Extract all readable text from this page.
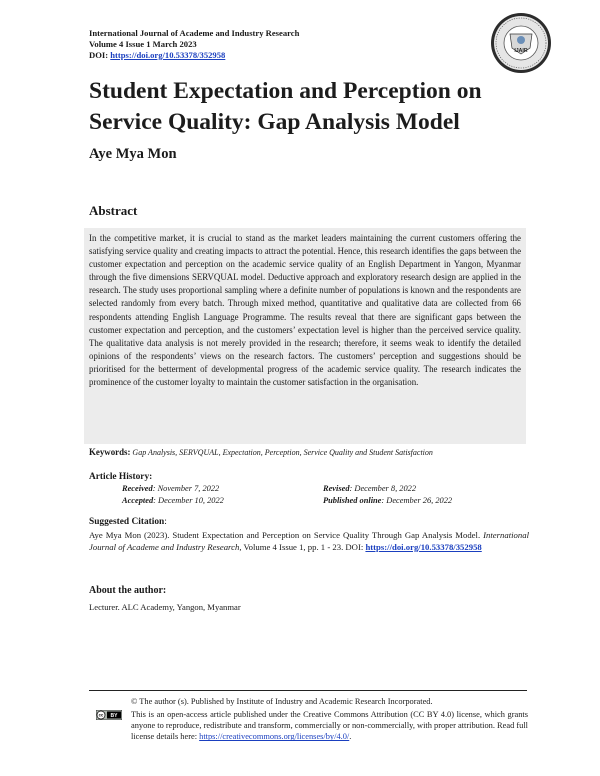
International Journal of Academe and Industry Research
Volume 4 Issue 1 March 2023
DOI: https://doi.org/10.53378/352958	IJAIR
Student Expectation and Perception on Service Quality: Gap Analysis Model
Aye Mya Mon
Abstract
In the competitive market, it is crucial to stand as the market leaders maintaining the current customers offering the satisfying service quality and creating impacts to attract the potential. Hence, this research identifies the gaps between the customer expectation and perception on the academic service quality of an English Department in Yangon, Myanmar through the five dimensions SERVQUAL model. Deductive approach and exploratory research design are applied in the research. The study uses proportional sampling where a definite number of populations is known and the respondents are selected randomly from every batch. Through mixed method, quantitative and qualitative data are collected from 66 respondents attending English Language Programme. The results reveal that there are significant gaps between the customer expectation and perception, and the customers’ expectation level is higher than the perceived service quality. The qualitative data analysis is not merely provided in the research; therefore, it seems weak to identify the detailed opinions of the respondents’ views on the research factors. The customers’ perception and suggestions should be prioritised for the betterment of developmental progress of the academic service quality. The research indicates the prominence of the customer loyalty to maintain the customer satisfaction in the organisation.
Keywords: Gap Analysis, SERVQUAL, Expectation, Perception, Service Quality and Student Satisfaction
Article History:
Received: November 7, 2022	Revised: December 8, 2022
Accepted: December 10, 2022	Published online: December 26, 2022
Suggested Citation:
Aye Mya Mon (2023). Student Expectation and Perception on Service Quality Through Gap Analysis Model. International Journal of Academe and Industry Research, Volume 4 Issue 1, pp. 1 - 23. DOI: https://doi.org/10.53378/352958
About the author:
Lecturer. ALC Academy, Yangon, Myanmar
© The author (s). Published by Institute of Industry and Academic Research Incorporated.
cc BY This is an open-access article published under the Creative Commons Attribution (CC BY 4.0) license, which grants anyone to reproduce, redistribute and transform, commercially or non-commercially, with proper attribution. Read full license details here: https://creativecommons.org/licenses/by/4.0/.
